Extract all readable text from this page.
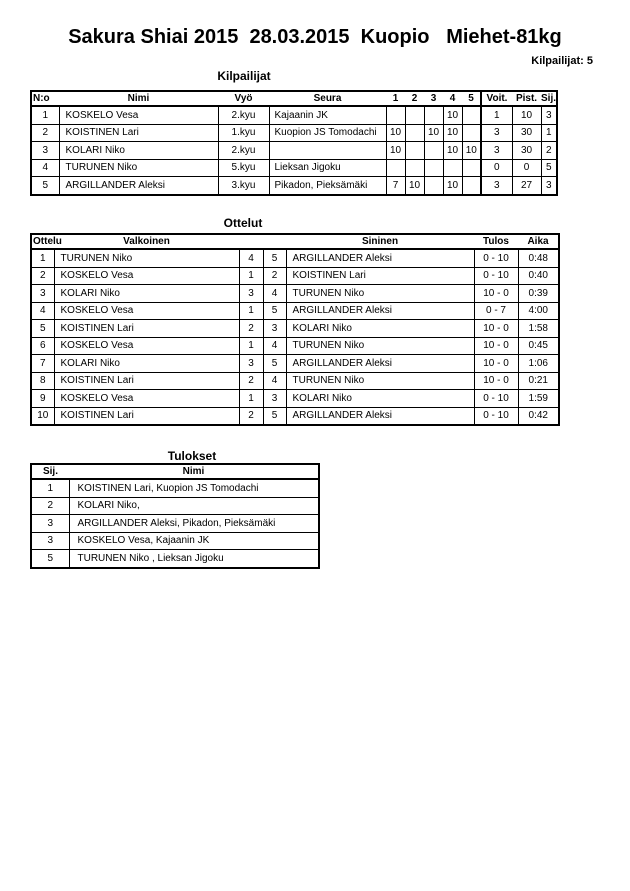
Sakura Shiai 2015  28.03.2015  Kuopio   Miehet-81kg
Kilpailijat: 5
Kilpailijat
N:o	Nimi	Vyö	Seura	1	2	3	4	5	Voit.	Pist.	Sij.
1	KOSKELO Vesa	2.kyu	Kajaanin JK				10		1	10	3
2	KOISTINEN Lari	1.kyu	Kuopion JS Tomodachi	10		10	10		3	30	1
3	KOLARI Niko	2.kyu		10			10	10	3	30	2
4	TURUNEN Niko	5.kyu	Lieksan Jigoku						0	0	5
5	ARGILLANDER Aleksi	3.kyu	Pikadon, Pieksämäki	7	10		10		3	27	3
Ottelut
Ottelu	Valkoinen			Sininen	Tulos	Aika
1	TURUNEN Niko	4	5	ARGILLANDER Aleksi	0 - 10	0:48
2	KOSKELO Vesa	1	2	KOISTINEN Lari	0 - 10	0:40
3	KOLARI Niko	3	4	TURUNEN Niko	10 - 0	0:39
4	KOSKELO Vesa	1	5	ARGILLANDER Aleksi	0 - 7	4:00
5	KOISTINEN Lari	2	3	KOLARI Niko	10 - 0	1:58
6	KOSKELO Vesa	1	4	TURUNEN Niko	10 - 0	0:45
7	KOLARI Niko	3	5	ARGILLANDER Aleksi	10 - 0	1:06
8	KOISTINEN Lari	2	4	TURUNEN Niko	10 - 0	0:21
9	KOSKELO Vesa	1	3	KOLARI Niko	0 - 10	1:59
10	KOISTINEN Lari	2	5	ARGILLANDER Aleksi	0 - 10	0:42
Tulokset
Sij.	Nimi
1	KOISTINEN Lari, Kuopion JS Tomodachi
2	KOLARI Niko,
3	ARGILLANDER Aleksi, Pikadon, Pieksämäki
3	KOSKELO Vesa, Kajaanin JK
5	TURUNEN Niko , Lieksan Jigoku
